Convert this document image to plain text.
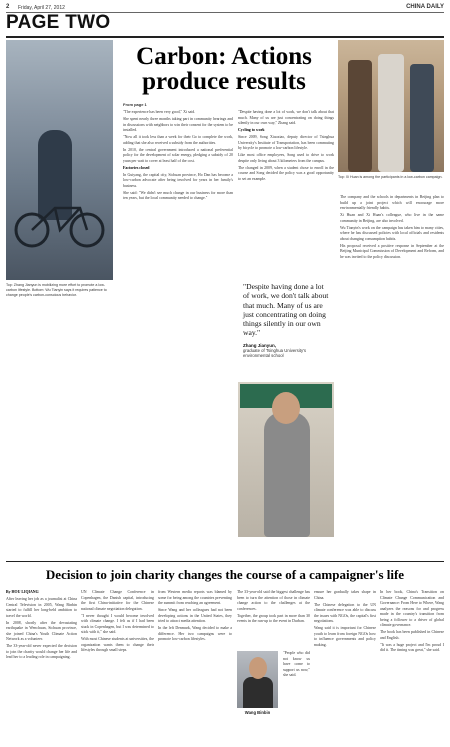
2 Friday, April 27, 2012	CHINA DAILY
PAGE TWO
Top: Zhang Jianyun is mobilizing more effort to promote a low-carbon lifestyle. Bottom: Wu Tianyin says it requires patience to change people's carbon-conscious behavior.
Carbon: Actions
produce results
From page 1
Top: Xi Huan is among the participants in a low-carbon campaign.

"The experience has been very good," Xi said.

She spent nearly three months taking part in community hearings and in discussions with neighbors to win their consent for the system to be installed.

"Now all it took less than a week for their Go to complete the work, adding that she also received a subsidy from the authorities.

In 2010, the central government introduced a national preferential policy for the development of solar energy, pledging a subsidy of 20 yuan per watt to cover at least half of the cost.

Factories closed

In Guiyang, the capital city, Sichuan province, Ho Dan has become a low-carbon advocate after being involved for years in her family's business.

She said: "We didn't see much change in our business for more than ten years, but the local community needed to change."

"Despite having done a lot of work, we don't talk about that much. Many of us are just concentrating on doing things silently in our own way," Zhang said.

Cycling to work

Since 2009, Song Xiaoxiao, deputy director of Tsinghua University's Institute of Transportation, has been commuting by bicycle to promote a low-carbon lifestyle.

Like most office employees, Song used to drive to work despite only living about 3 kilometers from the campus.

The changed in 2009, when a student chose to enroll in the course and Song decided the policy was a good opportunity to set an example.

"Despite having done a lot of work, we don't talk about that much. Many of us are just concentrating on doing things silently in our own way."
Zhang Jianyun,
graduate of Tsinghua University's environmental school

The company and the schools in departments in Beijing plan to build up a joint project which will encourage more environmentally friendly habits.

Xi Huan and Xi Huan's colleague, who live in the same community in Beijing, are also involved.

Wu Tianyin's work on the campaign has taken him to many cities, where he has discussed policies with local officials and residents about changing consumption habits.

His proposal received a positive response in September at the Beijing Municipal Commission of Development and Reform, and he was invited to the policy discussion.

Decision to join charity changes the course of a campaigner's life

By HOU LIQIANG

After leaving her job as a journalist at China Central Television in 2005, Wang Binbin started to fulfill her long-held ambition to travel the world.

In 2008, shortly after the devastating earthquake in Wenchuan, Sichuan province, she joined China's Youth Climate Action Network as a volunteer.

The 33-year-old never expected the decision to join the charity would change her life and lead her to a leading role in campaigning.

UN Climate Change Conference in Copenhagen, the Danish capital, introducing the first China-initiative for the Chinese national climate negotiation delegation.

"I never thought I would become involved with climate change. I felt as if I had been stuck in Copenhagen, but I was determined to stick with it," she said.

With most Chinese students at universities, the organization wants them to change their lifestyles through small steps.

from Western media reports was blamed by some for being among the countries preventing the summit from reaching an agreement.

Since Wang and her colleagues had not been developing actions in the United States, they tried to attract media attention.

In the left Denmark, Wang decided to make a difference. Her two campaigns were to promote low-carbon lifestyles.

The 33-year-old said the biggest challenge has been to turn the attention of those in climate change action to the challenges at the conferences.

Together, the group took part in more than 30 events in the run-up to the event in Durban.

"People who did not know us have come to support us now," she said.

Wang Binbin

ensure her gradually takes shape in China.

The Chinese delegation to the UN climate conference was able to discuss the issues with NGOs, the capital's first negotiations.

Wang said it is important for Chinese youth to learn from foreign NGOs how to influence governments and policy making.

In her book, China's Transition on Climate Change Communication and Governance: From Here to Where, Wang analyzes the reasons for and progress made in the country's transition from being a follower to a driver of global climate governance.

The book has been published in Chinese and English.

"It was a huge project and I'm proud I did it. The timing was great," she said.
